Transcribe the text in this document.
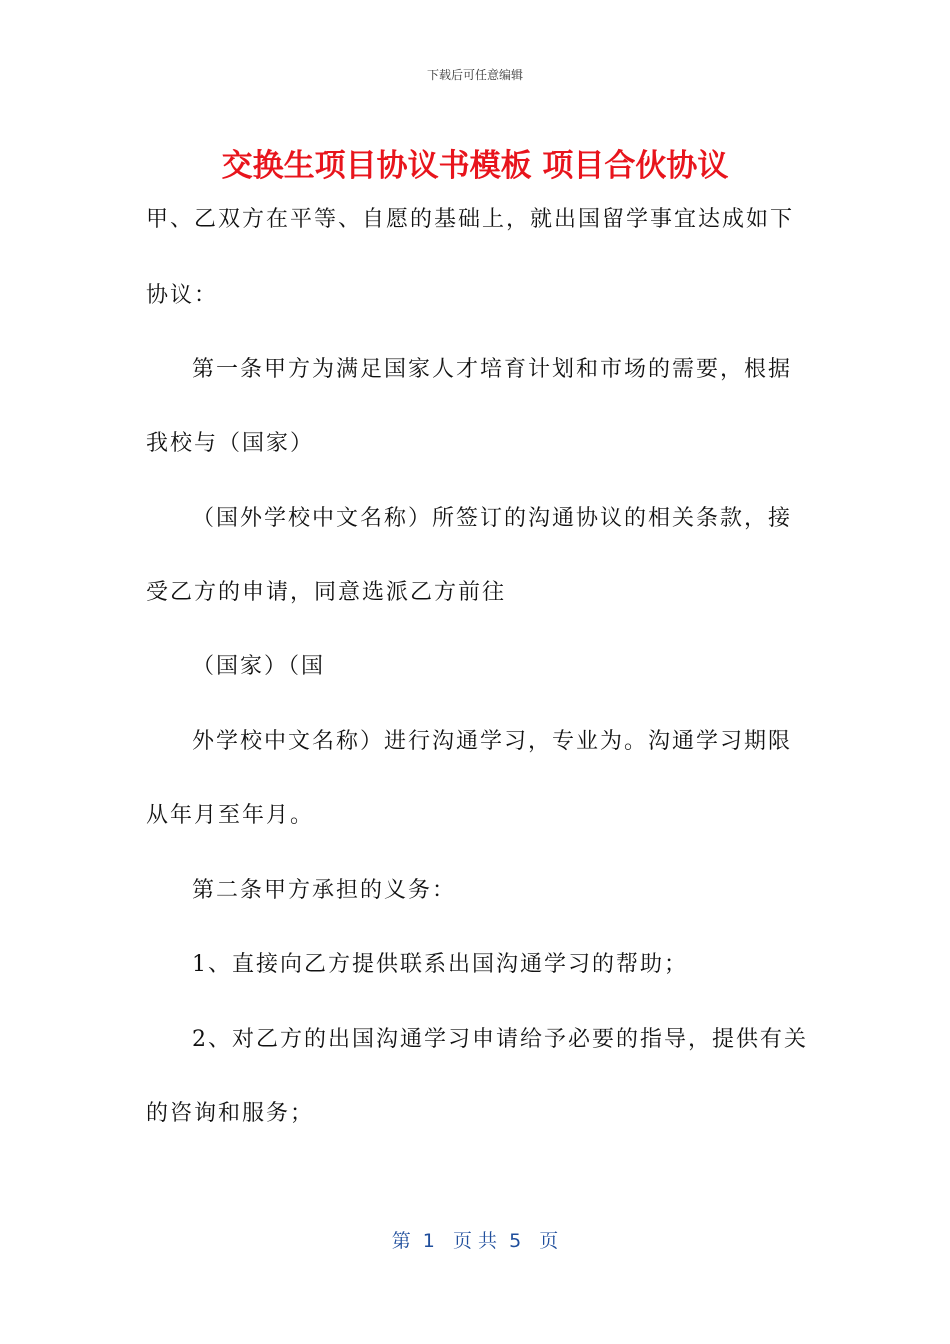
下载后可任意编辑
交换生项目协议书模板 项目合伙协议
甲、乙双方在平等、自愿的基础上，就出国留学事宜达成如下
协议：
第一条甲方为满足国家人才培育计划和市场的需要，根据
我校与（国家）
（国外学校中文名称）所签订的沟通协议的相关条款，接
受乙方的申请，同意选派乙方前往
（国家）（国
外学校中文名称）进行沟通学习，专业为。沟通学习期限
从年月至年月。
第二条甲方承担的义务：
1、直接向乙方提供联系出国沟通学习的帮助；
2、对乙方的出国沟通学习申请给予必要的指导，提供有关
的咨询和服务；
第  1   页 共  5   页
